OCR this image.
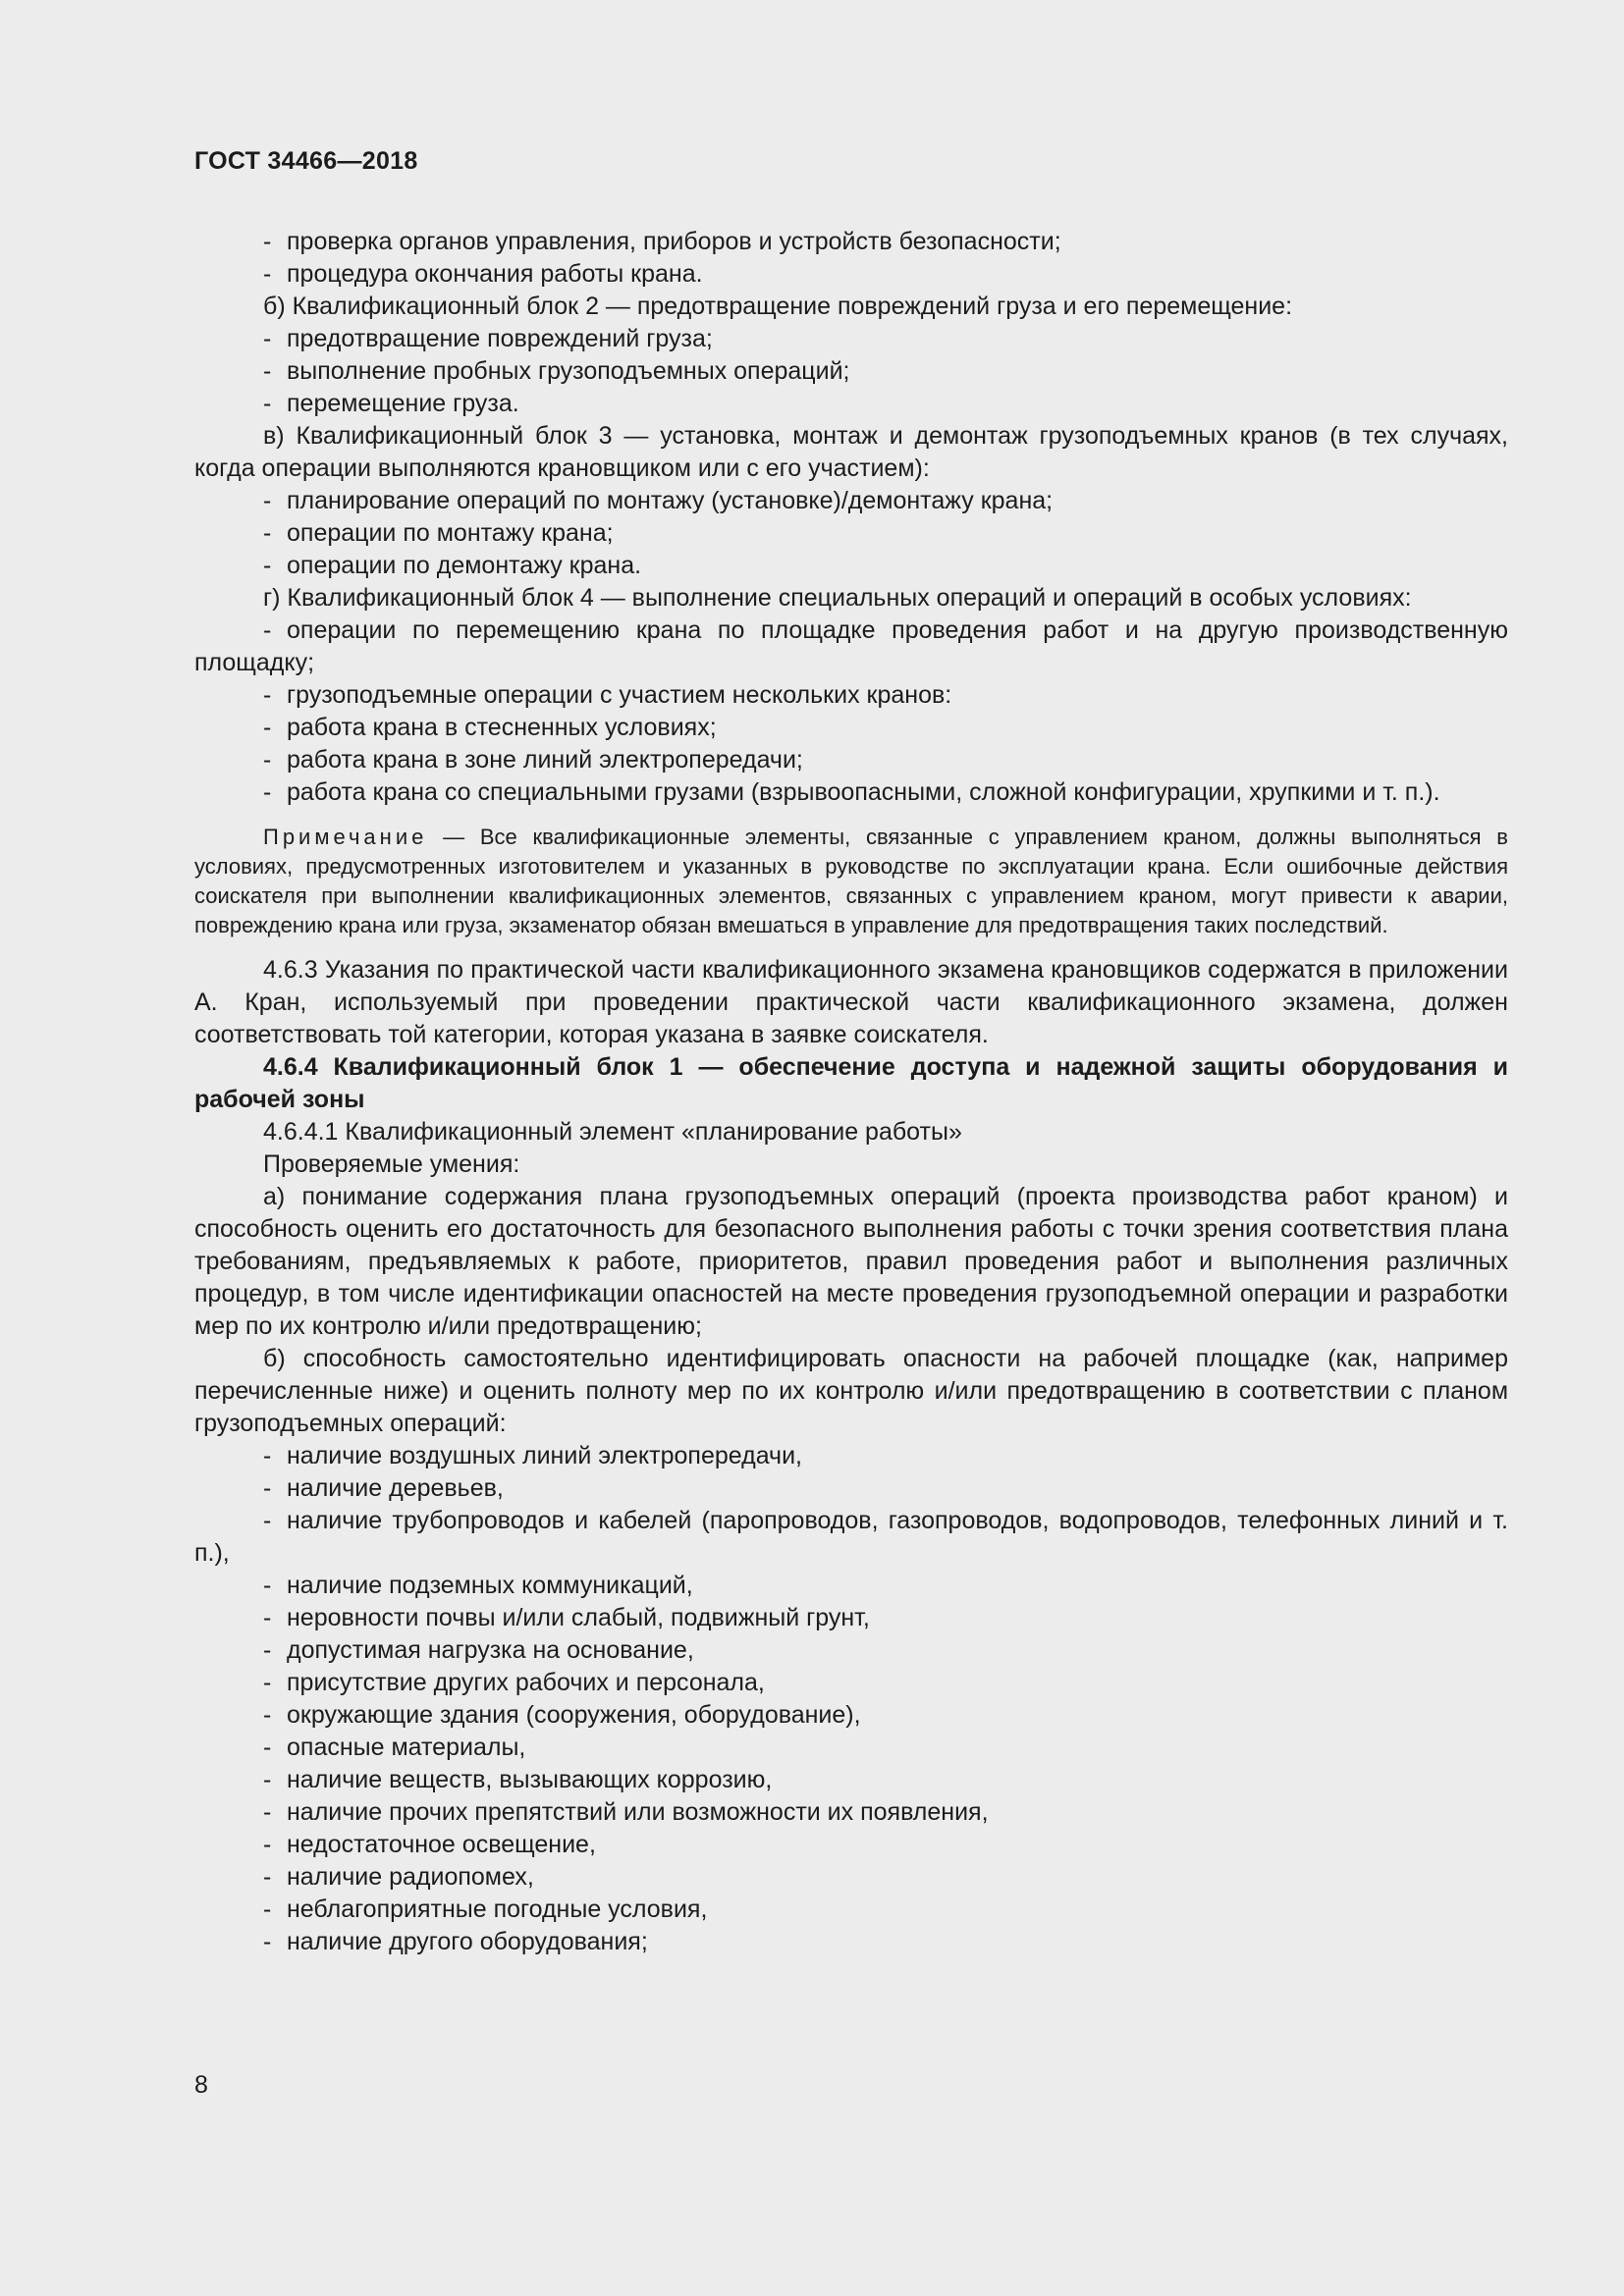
ГОСТ 34466—2018

- проверка органов управления, приборов и устройств безопасности;

- процедура окончания работы крана.

б) Квалификационный блок 2 — предотвращение повреждений груза и его перемещение:

- предотвращение повреждений груза;

- выполнение пробных грузоподъемных операций;

- перемещение груза.

в) Квалификационный блок 3 — установка, монтаж и демонтаж грузоподъемных кранов (в тех случаях, когда операции выполняются крановщиком или с его участием):

- планирование операций по монтажу (установке)/демонтажу крана;

- операции по монтажу крана;

- операции по демонтажу крана.

г) Квалификационный блок 4 — выполнение специальных операций и операций в особых условиях:

- операции по перемещению крана по площадке проведения работ и на другую производственную площадку;

- грузоподъемные операции с участием нескольких кранов:

- работа крана в стесненных условиях;

- работа крана в зоне линий электропередачи;

- работа крана со специальными грузами (взрывоопасными, сложной конфигурации, хрупкими и т. п.).

Примечание — Все квалификационные элементы, связанные с управлением краном, должны выполняться в условиях, предусмотренных изготовителем и указанных в руководстве по эксплуатации крана. Если ошибочные действия соискателя при выполнении квалификационных элементов, связанных с управлением краном, могут привести к аварии, повреждению крана или груза, экзаменатор обязан вмешаться в управление для предотвращения таких последствий.

4.6.3 Указания по практической части квалификационного экзамена крановщиков содержатся в приложении А. Кран, используемый при проведении практической части квалификационного экзамена, должен соответствовать той категории, которая указана в заявке соискателя.

4.6.4 Квалификационный блок 1 — обеспечение доступа и надежной защиты оборудования и рабочей зоны

4.6.4.1 Квалификационный элемент «планирование работы»

Проверяемые умения:

а) понимание содержания плана грузоподъемных операций (проекта производства работ краном) и способность оценить его достаточность для безопасного выполнения работы с точки зрения соответствия плана требованиям, предъявляемых к работе, приоритетов, правил проведения работ и выполнения различных процедур, в том числе идентификации опасностей на месте проведения грузоподъемной операции и разработки мер по их контролю и/или предотвращению;

б) способность самостоятельно идентифицировать опасности на рабочей площадке (как, например перечисленные ниже) и оценить полноту мер по их контролю и/или предотвращению в соответствии с планом грузоподъемных операций:

- наличие воздушных линий электропередачи,

- наличие деревьев,

- наличие трубопроводов и кабелей (паропроводов, газопроводов, водопроводов, телефонных линий и т. п.),

- наличие подземных коммуникаций,

- неровности почвы и/или слабый, подвижный грунт,

- допустимая нагрузка на основание,

- присутствие других рабочих и персонала,

- окружающие здания (сооружения, оборудование),

- опасные материалы,

- наличие веществ, вызывающих коррозию,

- наличие прочих препятствий или возможности их появления,

- недостаточное освещение,

- наличие радиопомех,

- неблагоприятные погодные условия,

- наличие другого оборудования;

8
